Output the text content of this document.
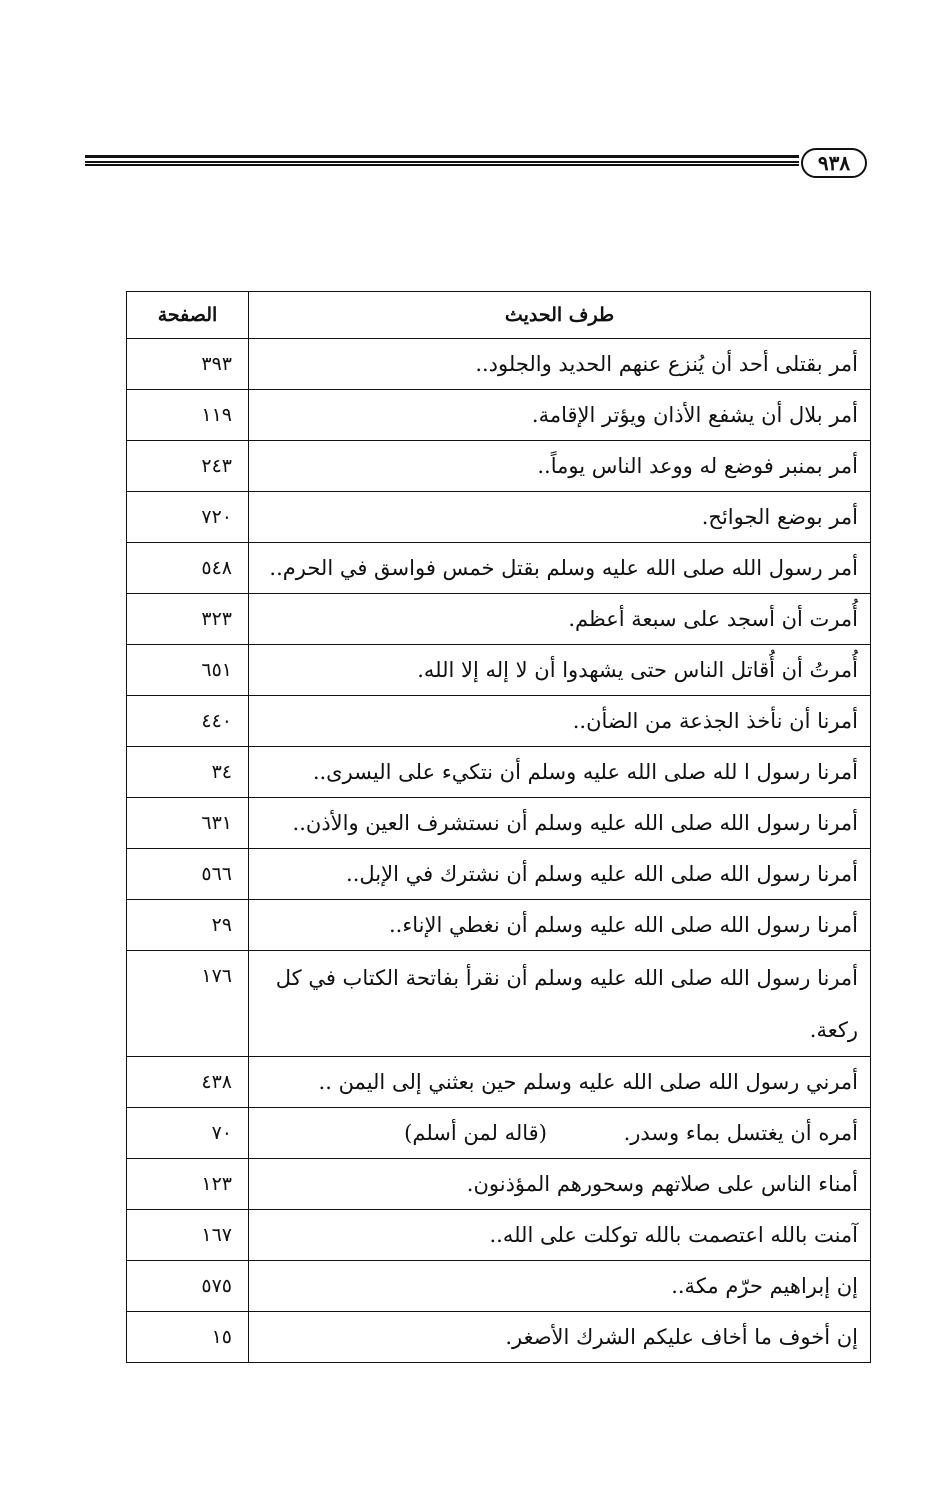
٩٣٨
طرف الحديث	الصفحة
أمر بقتلى أحد أن يُنزع عنهم الحديد والجلود..	٣٩٣
أمر بلال أن يشفع الأذان ويؤتر الإقامة.	١١٩
أمر بمنبر فوضع له ووعد الناس يوماً..	٢٤٣
أمر بوضع الجوائح.	٧٢٠
أمر رسول الله صلى الله عليه وسلم بقتل خمس فواسق في الحرم..	٥٤٨
أُمرت أن أسجد على سبعة أعظم.	٣٢٣
أُمرتُ أن أُقاتل الناس حتى يشهدوا أن لا إله إلا الله.	٦٥١
أمرنا أن نأخذ الجذعة من الضأن..	٤٤٠
أمرنا رسول ا لله صلى الله عليه وسلم أن نتكيء على اليسرى..	٣٤
أمرنا رسول الله صلى الله عليه وسلم أن نستشرف العين والأذن..	٦٣١
أمرنا رسول الله صلى الله عليه وسلم أن نشترك في الإبل..	٥٦٦
أمرنا رسول الله صلى الله عليه وسلم أن نغطي الإناء..	٢٩
أمرنا رسول الله صلى الله عليه وسلم أن نقرأ بفاتحة الكتاب في كل ركعة.	١٧٦
أمرني رسول الله صلى الله عليه وسلم حين بعثني إلى اليمن ..	٤٣٨
أمره أن يغتسل بماء وسدر. (قاله لمن أسلم)	٧٠
أمناء الناس على صلاتهم وسحورهم المؤذنون.	١٢٣
آمنت بالله اعتصمت بالله توكلت على الله..	١٦٧
إن إبراهيم حرّم مكة..	٥٧٥
إن أخوف ما أخاف عليكم الشرك الأصغر.	١٥
